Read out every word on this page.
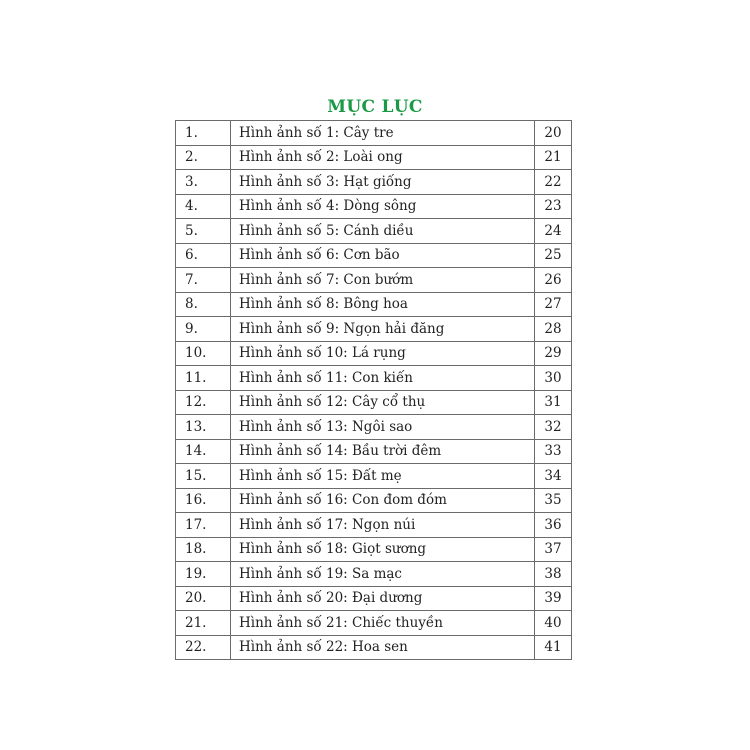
MỤC LỤC
1.	Hình ảnh số 1: Cây tre	20
2.	Hình ảnh số 2: Loài ong	21
3.	Hình ảnh số 3: Hạt giống	22
4.	Hình ảnh số 4: Dòng sông	23
5.	Hình ảnh số 5: Cánh diều	24
6.	Hình ảnh số 6: Cơn bão	25
7.	Hình ảnh số 7: Con bướm	26
8.	Hình ảnh số 8: Bông hoa	27
9.	Hình ảnh số 9: Ngọn hải đăng	28
10.	Hình ảnh số 10: Lá rụng	29
11.	Hình ảnh số 11: Con kiến	30
12.	Hình ảnh số 12: Cây cổ thụ	31
13.	Hình ảnh số 13: Ngôi sao	32
14.	Hình ảnh số 14: Bầu trời đêm	33
15.	Hình ảnh số 15: Đất mẹ	34
16.	Hình ảnh số 16: Con đom đóm	35
17.	Hình ảnh số 17: Ngọn núi	36
18.	Hình ảnh số 18: Giọt sương	37
19.	Hình ảnh số 19: Sa mạc	38
20.	Hình ảnh số 20: Đại dương	39
21.	Hình ảnh số 21: Chiếc thuyền	40
22.	Hình ảnh số 22: Hoa sen	41
